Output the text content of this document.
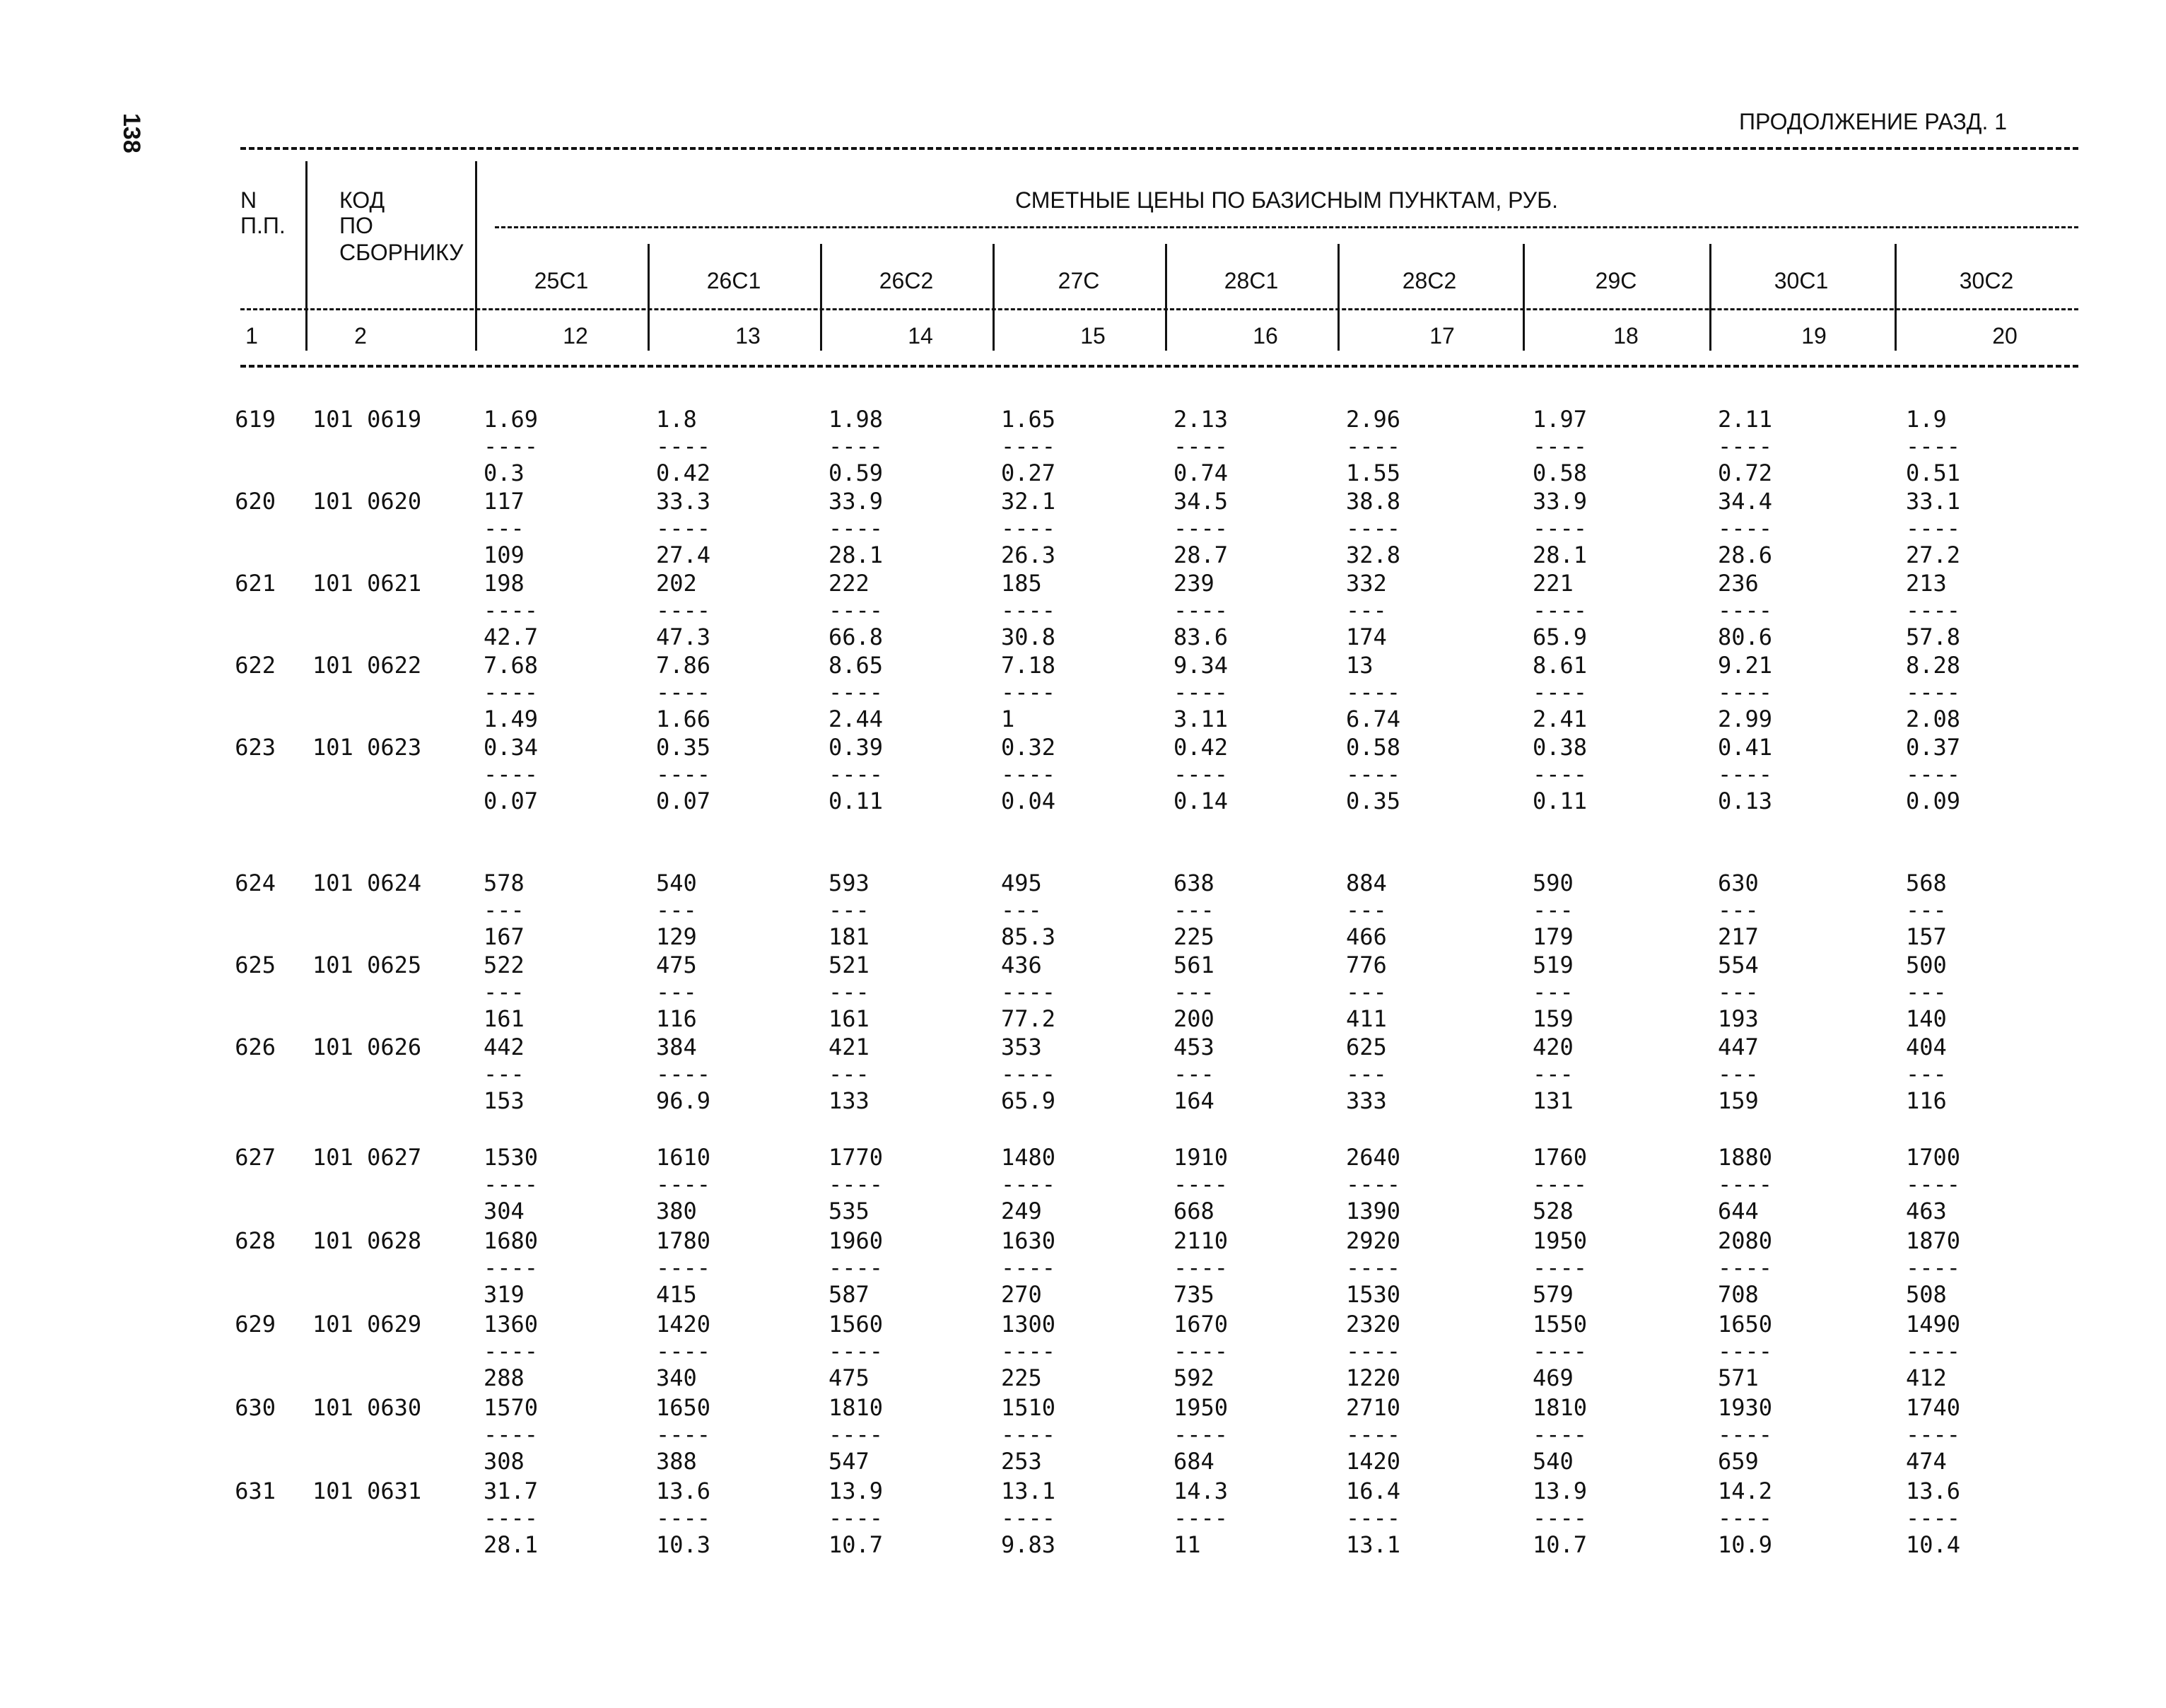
138	ПРОДОЛЖЕНИЕ РАЗД. 1
N
П.П.
КОД
ПО
СБОРНИКУ
СМЕТНЫЕ ЦЕНЫ ПО БАЗИСНЫМ ПУНКТАМ, РУБ.
25С1	26С1	26С2	27С	28С1	28С2	29С	30С1	30С2
1	2	12	13	14	15	16	17	18	19	20
619 101 0619	1.69	1.8	1.98	1.65	2.13	2.96	1.97	2.11	1.9
----	----	----	----	----	----	----	----	----
0.3	0.42	0.59	0.27	0.74	1.55	0.58	0.72	0.51
620 101 0620	117	33.3	33.9	32.1	34.5	38.8	33.9	34.4	33.1
---	----	----	----	----	----	----	----	----
109	27.4	28.1	26.3	28.7	32.8	28.1	28.6	27.2
621 101 0621	198	202	222	185	239	332	221	236	213
----	----	----	----	----	---	----	----	----
42.7	47.3	66.8	30.8	83.6	174	65.9	80.6	57.8
622 101 0622	7.68	7.86	8.65	7.18	9.34	13	8.61	9.21	8.28
----	----	----	----	----	----	----	----	----
1.49	1.66	2.44	1	3.11	6.74	2.41	2.99	2.08
623 101 0623	0.34	0.35	0.39	0.32	0.42	0.58	0.38	0.41	0.37
----	----	----	----	----	----	----	----	----
0.07	0.07	0.11	0.04	0.14	0.35	0.11	0.13	0.09
624 101 0624	578	540	593	495	638	884	590	630	568
---	---	---	---	---	---	---	---	---
167	129	181	85.3	225	466	179	217	157
625 101 0625	522	475	521	436	561	776	519	554	500
---	---	---	----	---	---	---	---	---
161	116	161	77.2	200	411	159	193	140
626 101 0626	442	384	421	353	453	625	420	447	404
---	----	---	----	---	---	---	---	---
153	96.9	133	65.9	164	333	131	159	116
627 101 0627	1530	1610	1770	1480	1910	2640	1760	1880	1700
----	----	----	----	----	----	----	----	----
304	380	535	249	668	1390	528	644	463
628 101 0628	1680	1780	1960	1630	2110	2920	1950	2080	1870
----	----	----	----	----	----	----	----	----
319	415	587	270	735	1530	579	708	508
629 101 0629	1360	1420	1560	1300	1670	2320	1550	1650	1490
----	----	----	----	----	----	----	----	----
288	340	475	225	592	1220	469	571	412
630 101 0630	1570	1650	1810	1510	1950	2710	1810	1930	1740
----	----	----	----	----	----	----	----	----
308	388	547	253	684	1420	540	659	474
631 101 0631	31.7	13.6	13.9	13.1	14.3	16.4	13.9	14.2	13.6
----	----	----	----	----	----	----	----	----
28.1	10.3	10.7	9.83	11	13.1	10.7	10.9	10.4
